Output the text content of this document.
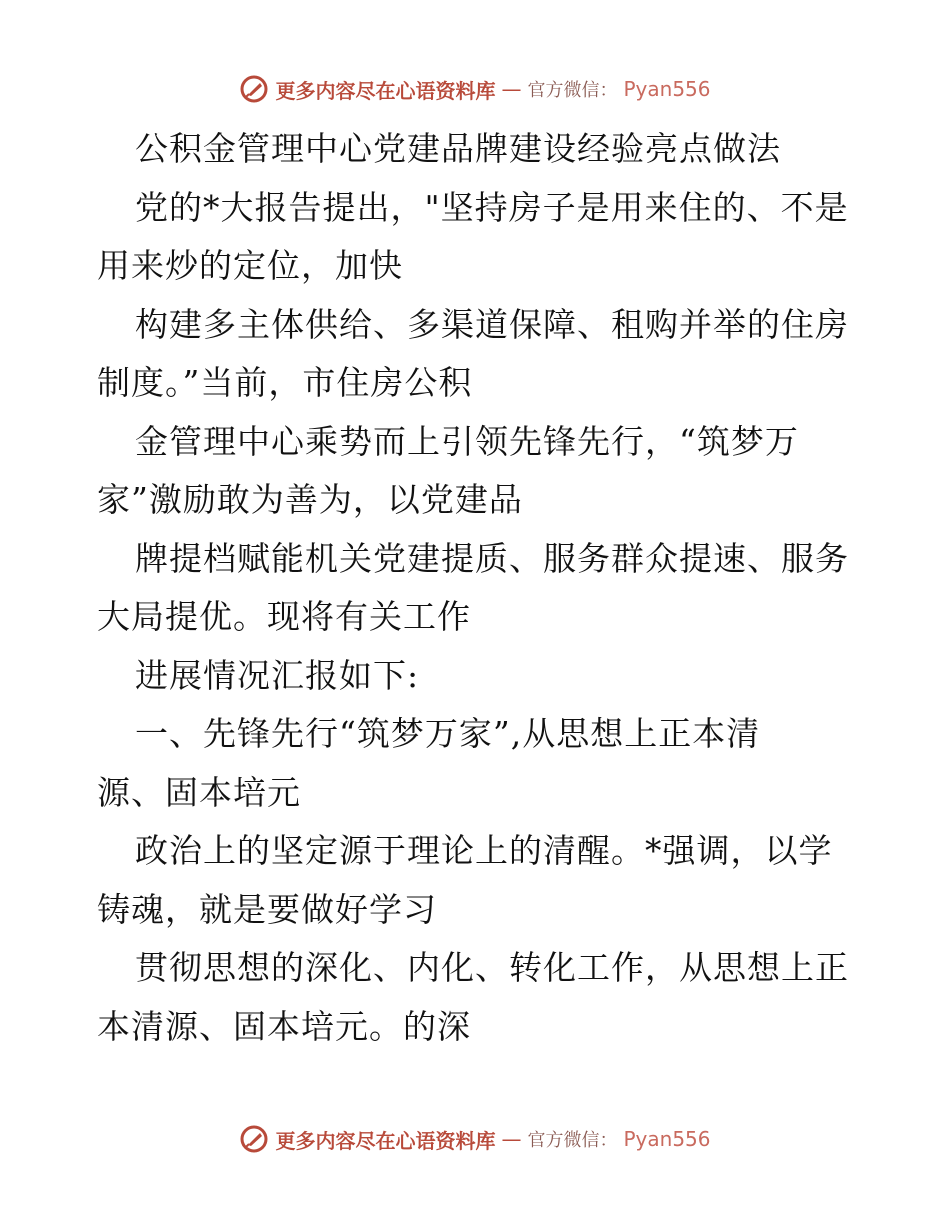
更多内容尽在心语资料库 — 官方微信： Pyan556
公积金管理中心党建品牌建设经验亮点做法
党的*大报告提出，"坚持房子是用来住的、不是
用来炒的定位，加快
构建多主体供给、多渠道保障、租购并举的住房
制度。”当前，市住房公积
金管理中心乘势而上引领先锋先行，“筑梦万
家”激励敢为善为，以党建品
牌提档赋能机关党建提质、服务群众提速、服务
大局提优。现将有关工作
进展情况汇报如下:
一、先锋先行“筑梦万家”,从思想上正本清
源、固本培元
政治上的坚定源于理论上的清醒。*强调，以学
铸魂，就是要做好学习
贯彻思想的深化、内化、转化工作，从思想上正
本清源、固本培元。的深
更多内容尽在心语资料库 — 官方微信： Pyan556
